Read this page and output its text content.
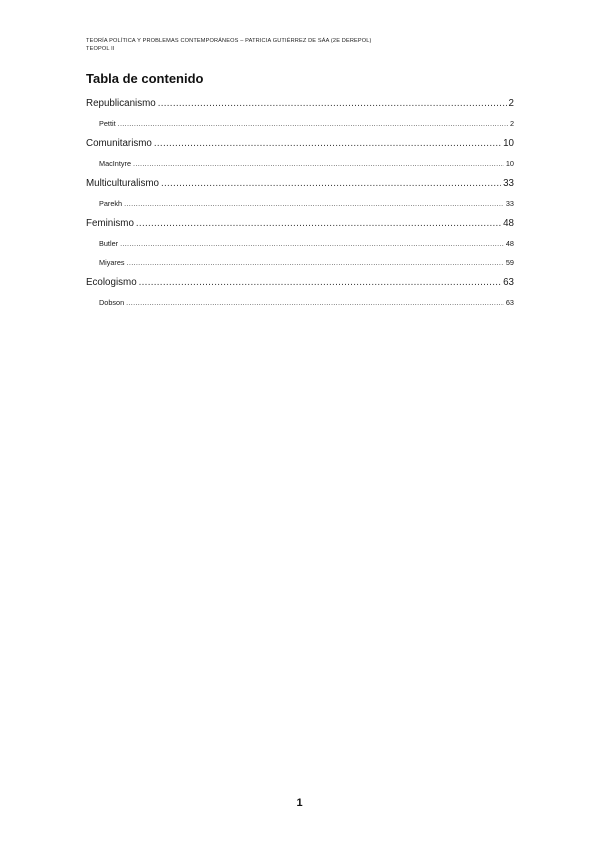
TEORÍA POLÍTICA Y PROBLEMAS CONTEMPORÁNEOS – PATRICIA GUTIÉRREZ DE SÁA (2E DEREPOL)
TEOPOL II
Tabla de contenido
Republicanismo .....	2
Pettit .....	2
Comunitarismo .....	10
MacIntyre .....	10
Multiculturalismo .....	33
Parekh .....	33
Feminismo .....	48
Butler .....	48
Miyares .....	59
Ecologismo .....	63
Dobson .....	63
1
